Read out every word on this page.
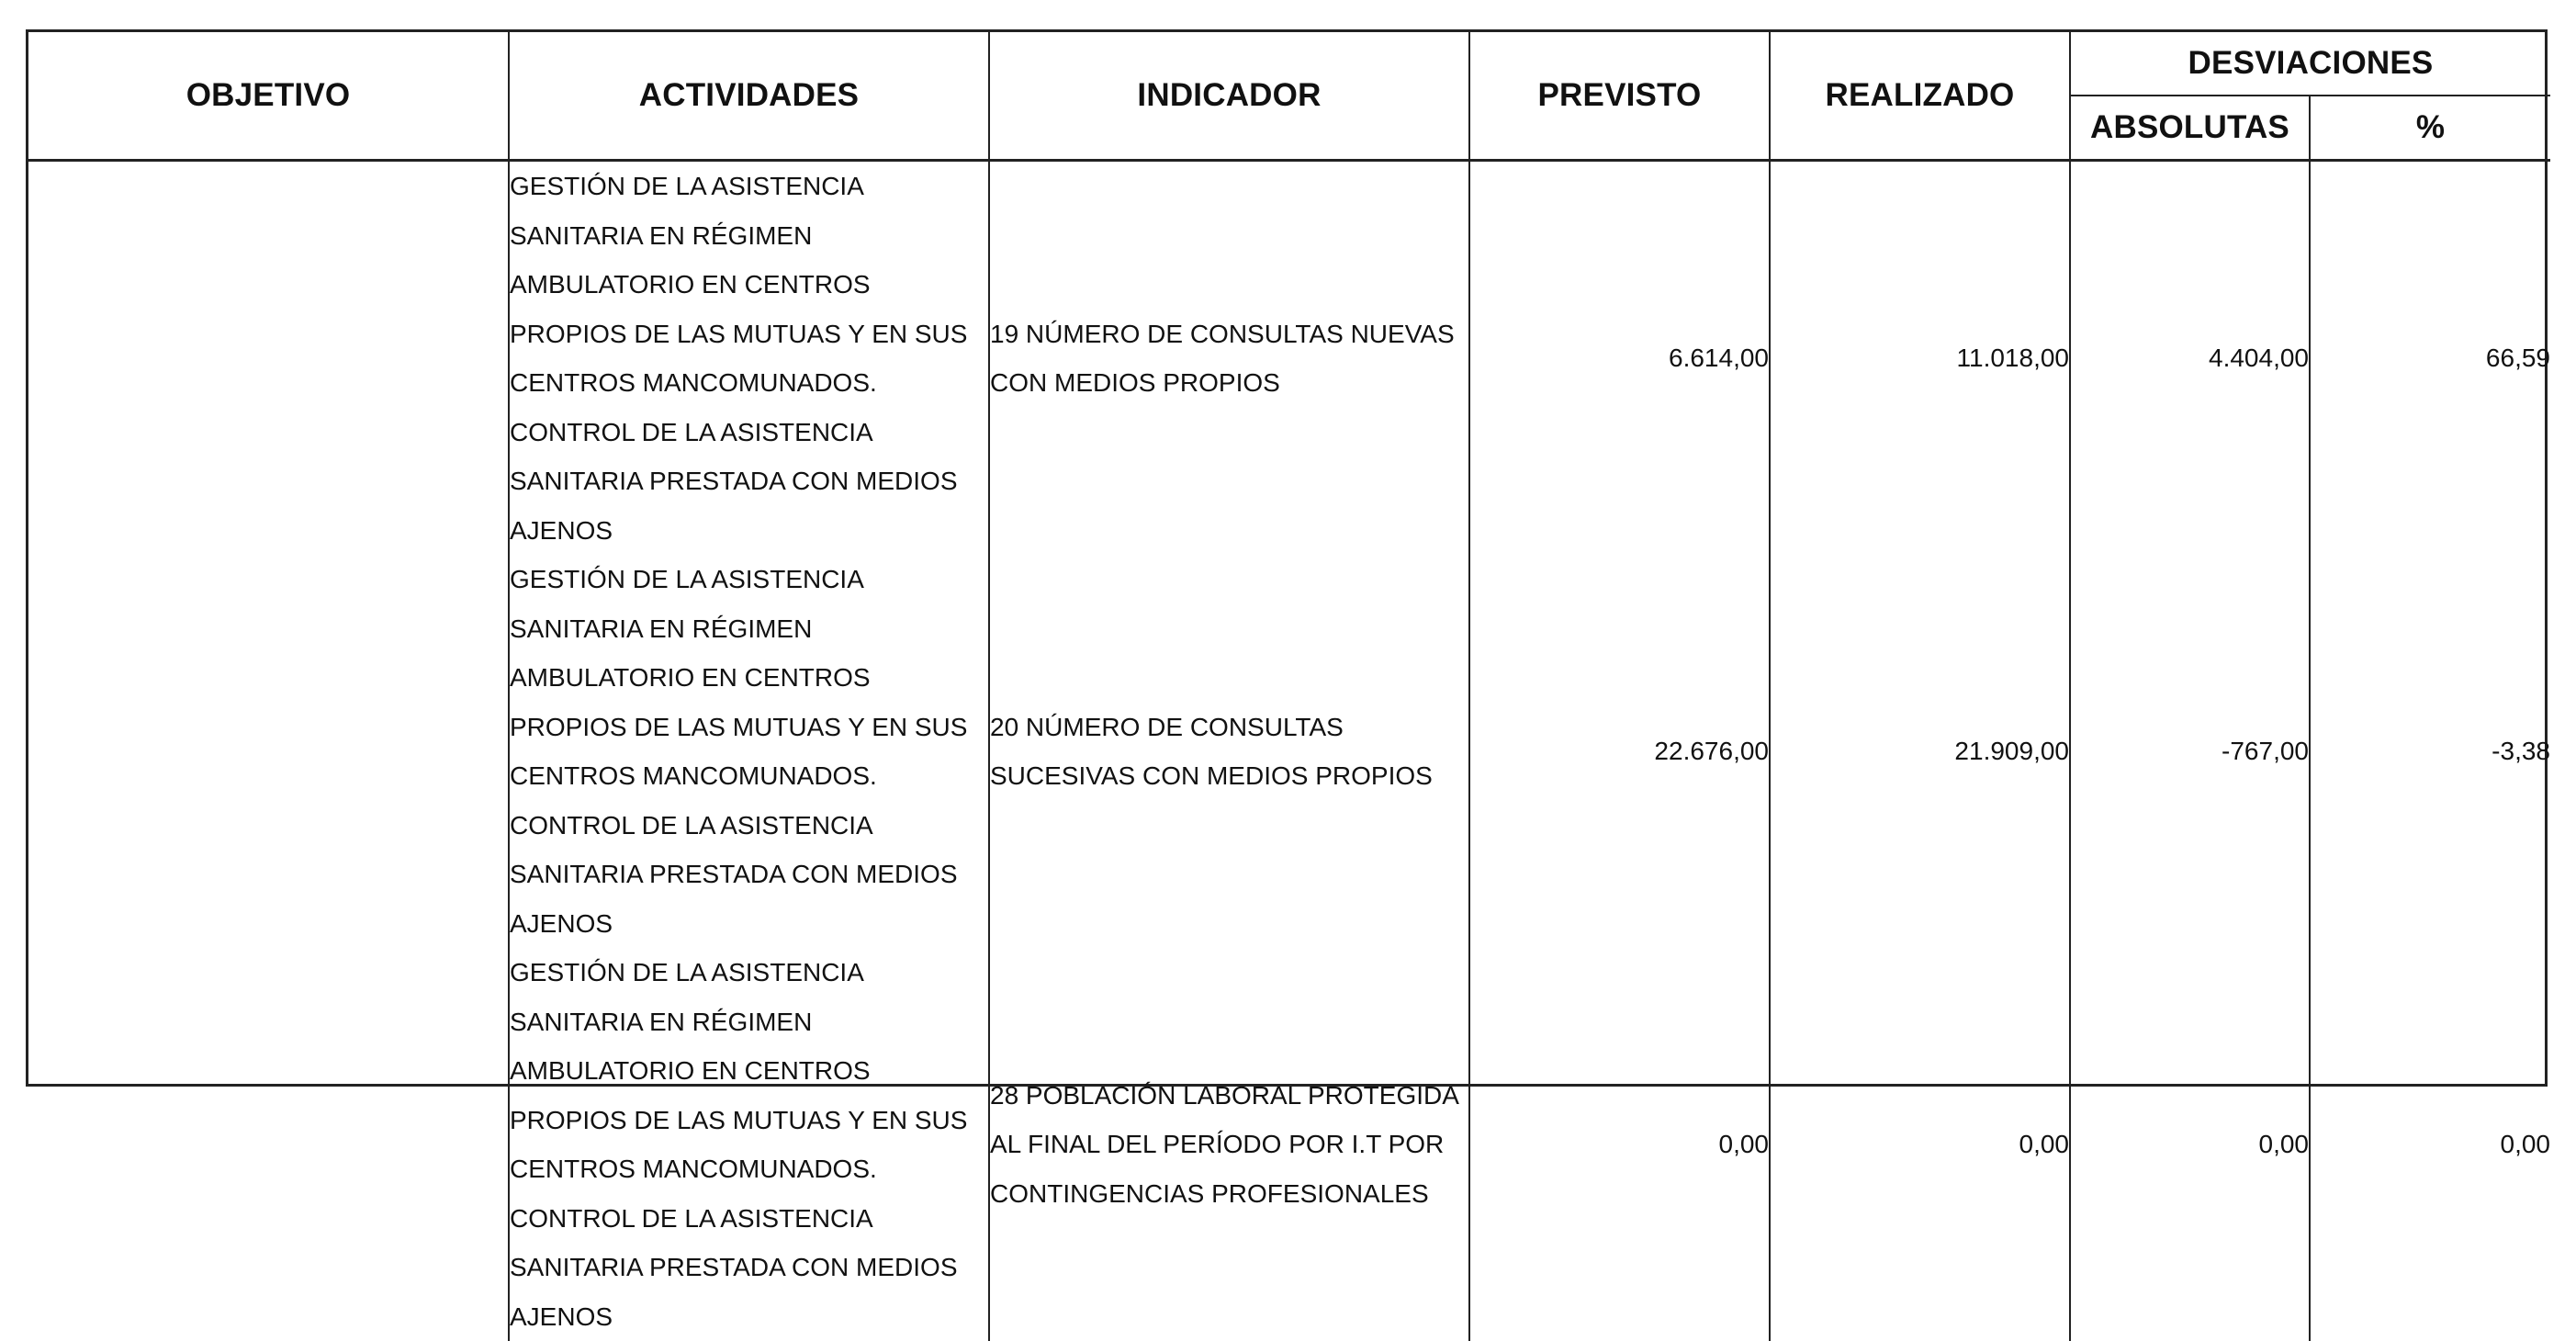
OBJETIVO	ACTIVIDADES	INDICADOR	PREVISTO	REALIZADO	DESVIACIONES	
					ABSOLUTAS	%

	GESTIÓN DE LA ASISTENCIA SANITARIA EN RÉGIMEN AMBULATORIO EN CENTROS PROPIOS DE LAS MUTUAS Y EN SUS CENTROS MANCOMUNADOS. CONTROL DE LA ASISTENCIA SANITARIA PRESTADA CON MEDIOS AJENOS	19 NÚMERO DE CONSULTAS NUEVAS CON MEDIOS PROPIOS	6.614,00	11.018,00	4.404,00	66,59

	GESTIÓN DE LA ASISTENCIA SANITARIA EN RÉGIMEN AMBULATORIO EN CENTROS PROPIOS DE LAS MUTUAS Y EN SUS CENTROS MANCOMUNADOS. CONTROL DE LA ASISTENCIA SANITARIA PRESTADA CON MEDIOS AJENOS	20 NÚMERO DE CONSULTAS SUCESIVAS CON MEDIOS PROPIOS	22.676,00	21.909,00	-767,00	-3,38

	GESTIÓN DE LA ASISTENCIA SANITARIA EN RÉGIMEN AMBULATORIO EN CENTROS PROPIOS DE LAS MUTUAS Y EN SUS CENTROS MANCOMUNADOS. CONTROL DE LA ASISTENCIA SANITARIA PRESTADA CON MEDIOS AJENOS	28 POBLACIÓN LABORAL PROTEGIDA AL FINAL DEL PERÍODO POR I.T POR CONTINGENCIAS PROFESIONALES	0,00	0,00	0,00	0,00
